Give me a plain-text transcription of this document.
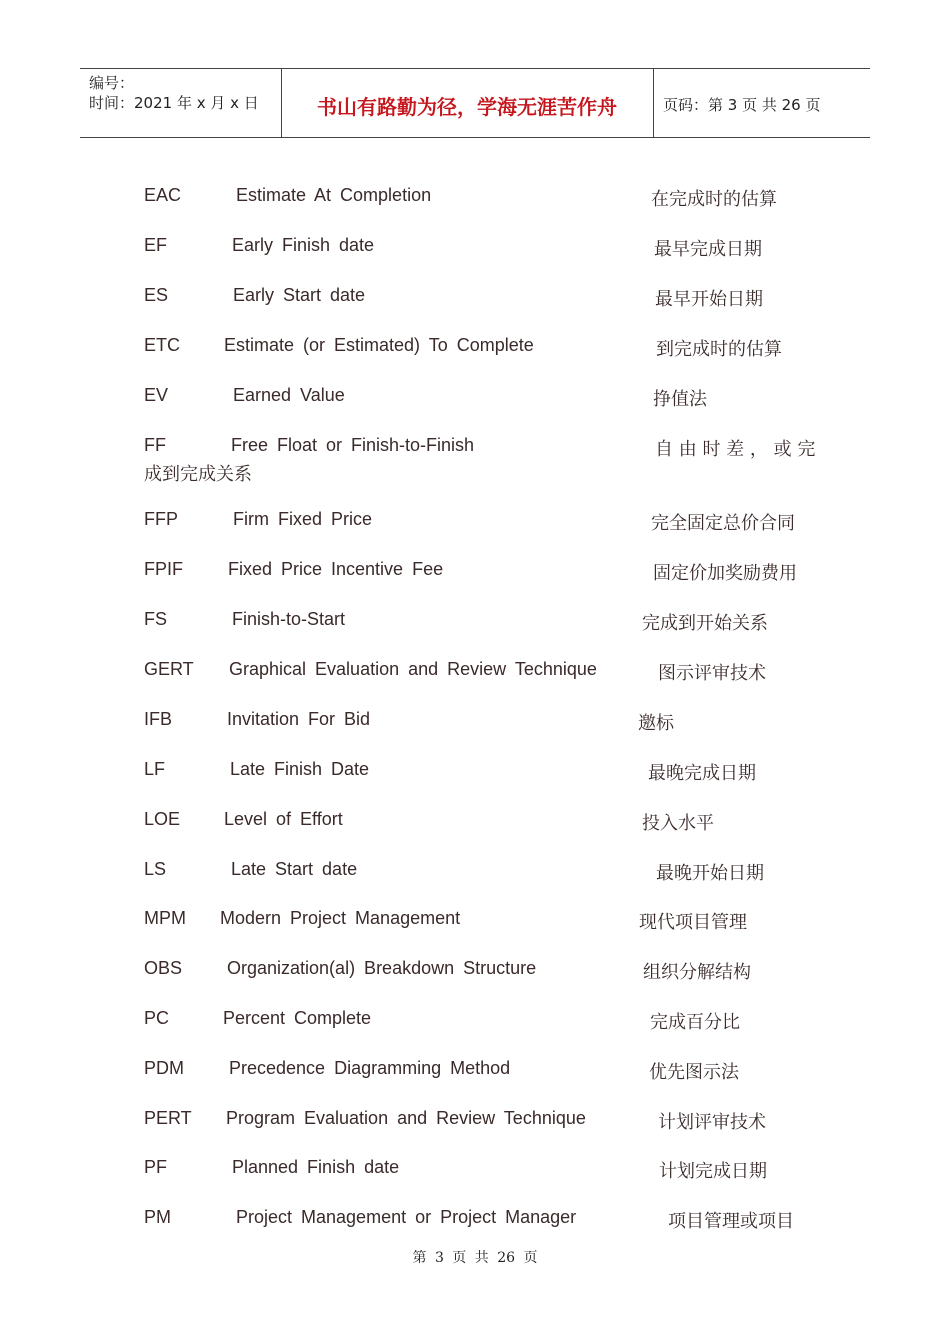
编号：
时间：2021 年 x 月 x 日	书山有路勤为径，学海无涯苦作舟	页码：第 3 页 共 26 页
EAC	Estimate At Completion	在完成时的估算
EF	Early Finish date	最早完成日期
ES	Early Start date	最早开始日期
ETC Estimate (or Estimated) To Complete	到完成时的估算
EV	Earned Value	挣值法
FF	Free Float or Finish-to-Finish	自 由 时 差 ， 或 完
成到完成关系
FFP	Firm Fixed Price	完全固定总价合同
FPIF	Fixed Price Incentive Fee	固定价加奖励费用
FS	Finish-to-Start	完成到开始关系
GERT Graphical Evaluation and Review Technique	图示评审技术
IFB	Invitation For Bid	邀标
LF	Late Finish Date	最晚完成日期
LOE Level of Effort	投入水平
LS	Late Start date	最晚开始日期
MPM Modern Project Management	现代项目管理
OBS Organization(al) Breakdown Structure	组织分解结构
PC	Percent Complete	完成百分比
PDM	Precedence Diagramming Method	优先图示法
PERT Program Evaluation and Review Technique	计划评审技术
PF	Planned Finish date	计划完成日期
PM	Project Management or Project Manager	项目管理或项目
第 3 页 共 26 页
